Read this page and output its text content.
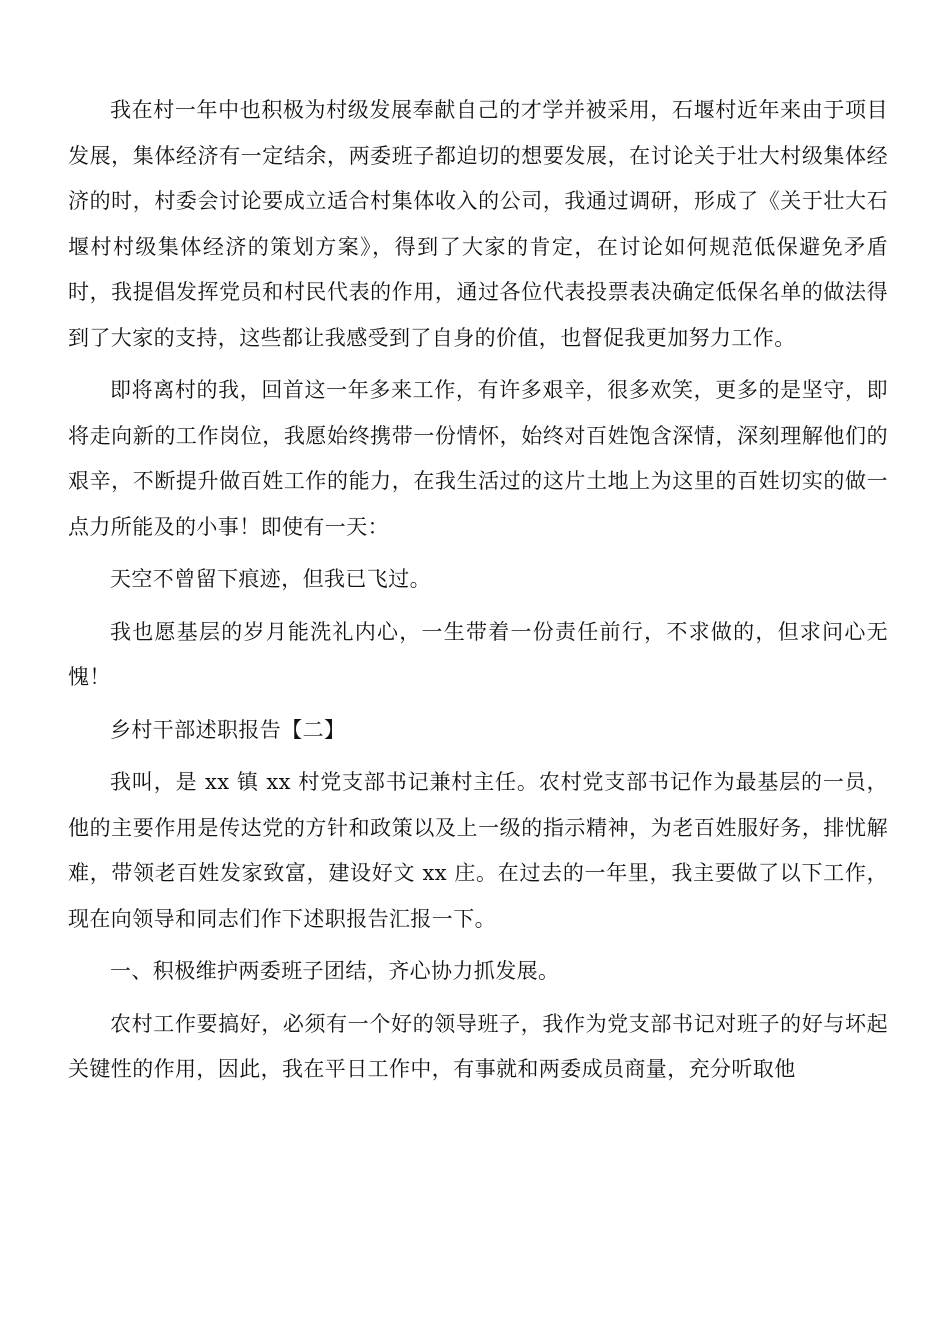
我在村一年中也积极为村级发展奉献自己的才学并被采用，石堰村近年来由于项目发展，集体经济有一定结余，两委班子都迫切的想要发展，在讨论关于壮大村级集体经济的时，村委会讨论要成立适合村集体收入的公司，我通过调研，形成了《关于壮大石堰村村级集体经济的策划方案》，得到了大家的肯定，在讨论如何规范低保避免矛盾时，我提倡发挥党员和村民代表的作用，通过各位代表投票表决确定低保名单的做法得到了大家的支持，这些都让我感受到了自身的价值，也督促我更加努力工作。

即将离村的我，回首这一年多来工作，有许多艰辛，很多欢笑，更多的是坚守，即将走向新的工作岗位，我愿始终携带一份情怀，始终对百姓饱含深情，深刻理解他们的艰辛，不断提升做百姓工作的能力，在我生活过的这片土地上为这里的百姓切实的做一点力所能及的小事！即使有一天：

天空不曾留下痕迹，但我已飞过。

我也愿基层的岁月能洗礼内心，一生带着一份责任前行，不求做的，但求问心无愧！

乡村干部述职报告【二】

我叫，是 xx 镇 xx 村党支部书记兼村主任。农村党支部书记作为最基层的一员，他的主要作用是传达党的方针和政策以及上一级的指示精神，为老百姓服好务，排忧解难，带领老百姓发家致富，建设好文 xx 庄。在过去的一年里，我主要做了以下工作，现在向领导和同志们作下述职报告汇报一下。

一、积极维护两委班子团结，齐心协力抓发展。

农村工作要搞好，必须有一个好的领导班子，我作为党支部书记对班子的好与坏起关键性的作用，因此，我在平日工作中，有事就和两委成员商量，充分听取他
